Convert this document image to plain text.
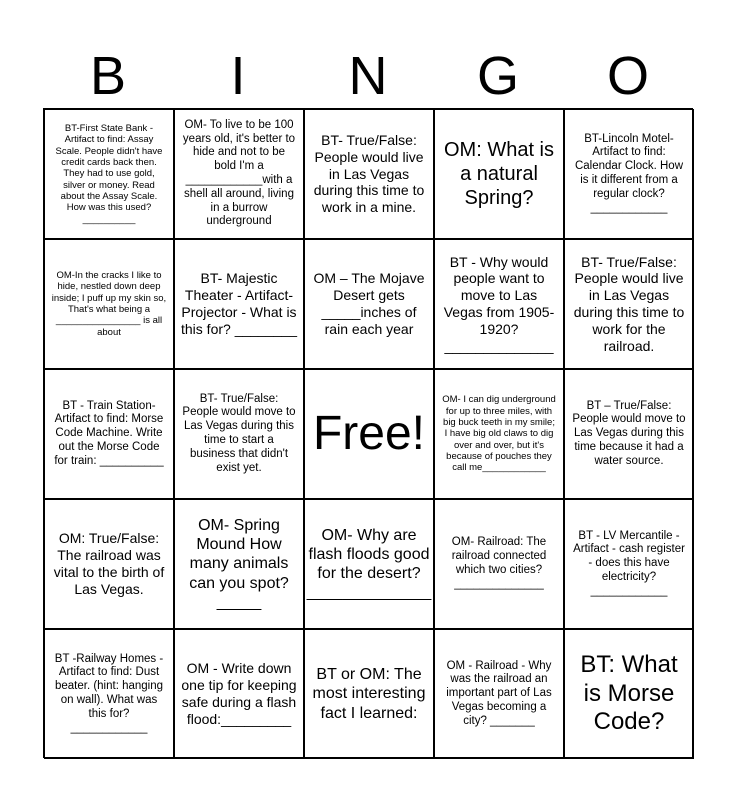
B	I	N	G	O
BT-First State Bank - Artifact to find: Assay Scale. People didn't have credit cards back then. They had to use gold, silver or money. Read about the Assay Scale. How was this used? __________
OM- To live to be 100 years old, it's better to hide and not to be bold I'm a ____________with a shell all around, living in a burrow underground
BT- True/False: People would live in Las Vegas during this time to work in a mine.
OM: What is a natural Spring?
BT-Lincoln Motel- Artifact to find: Calendar Clock. How is it different from a regular clock? ____________
OM-In the cracks I like to hide, nestled down deep inside; I puff up my skin so, That's what being a ________________ is all about
BT- Majestic Theater - Artifact- Projector - What is this for? ________
OM – The Mojave Desert gets _____inches of rain each year
BT - Why would people want to move to Las Vegas from 1905-1920? ______________
BT- True/False: People would live in Las Vegas during this time to work for the railroad.
BT - Train Station- Artifact to find: Morse Code Machine. Write out the Morse Code for train: __________
BT- True/False: People would move to Las Vegas during this time to start a business that didn't exist yet.
Free!
OM- I can dig underground for up to three miles, with big buck teeth in my smile; I have big old claws to dig over and over, but it's because of pouches they call me____________
BT – True/False: People would move to Las Vegas during this time because it had a water source.
OM: True/False: The railroad was vital to the birth of Las Vegas.
OM- Spring Mound How many animals can you spot? _____
OM- Why are flash floods good for the desert? ______________
OM- Railroad: The railroad connected which two cities? ______________
BT - LV Mercantile - Artifact - cash register - does this have electricity? ____________
BT -Railway Homes - Artifact to find: Dust beater. (hint: hanging on wall). What was this for? ____________
OM - Write down one tip for keeping safe during a flash flood:_________
BT or OM: The most interesting fact I learned:
OM - Railroad - Why was the railroad an important part of Las Vegas becoming a city? _______
BT: What is Morse Code?
